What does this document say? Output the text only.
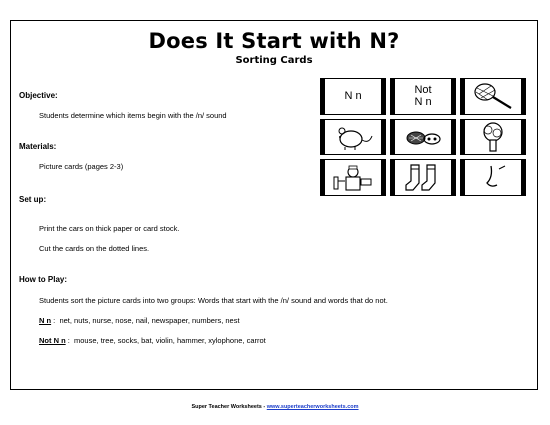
Does It Start with N?
Sorting Cards
Objective:
Students determine which items begin with the /n/ sound
Materials:
Picture cards (pages 2-3)
Set up:
Print the cars on thick paper or card stock.
Cut the cards on the dotted lines.
How to Play:
Students sort the picture cards into two groups: Words that start with the /n/ sound and words that do not.
N n :  net, nuts, nurse, nose, nail, newspaper, numbers, nest
Not N n :  mouse, tree, socks, bat, violin, hammer, xylophone, carrot
N n
Not
N n
Super Teacher Worksheets - www.superteacherworksheets.com
